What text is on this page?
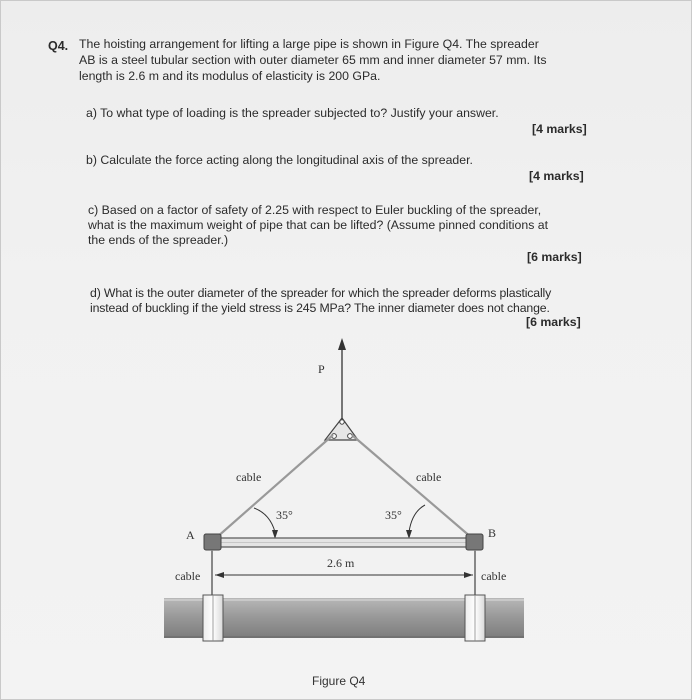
Q4. The hoisting arrangement for lifting a large pipe is shown in Figure Q4. The spreader

AB is a steel tubular section with outer diameter 65 mm and inner diameter 57 mm. Its

length is 2.6 m and its modulus of elasticity is 200 GPa.

a) To what type of loading is the spreader subjected to? Justify your answer.
[4 marks]
b) Calculate the force acting along the longitudinal axis of the spreader.
[4 marks]
c) Based on a factor of safety of 2.25 with respect to Euler buckling of the spreader,
what is the maximum weight of pipe that can be lifted? (Assume pinned conditions at
the ends of the spreader.)
[6 marks]
d) What is the outer diameter of the spreader for which the spreader deforms plastically
instead of buckling if the yield stress is 245 MPa? The inner diameter does not change.
[6 marks]
P
cable	cable
35°	35°
A	B
2.6 m
cable	cable
Figure Q4
